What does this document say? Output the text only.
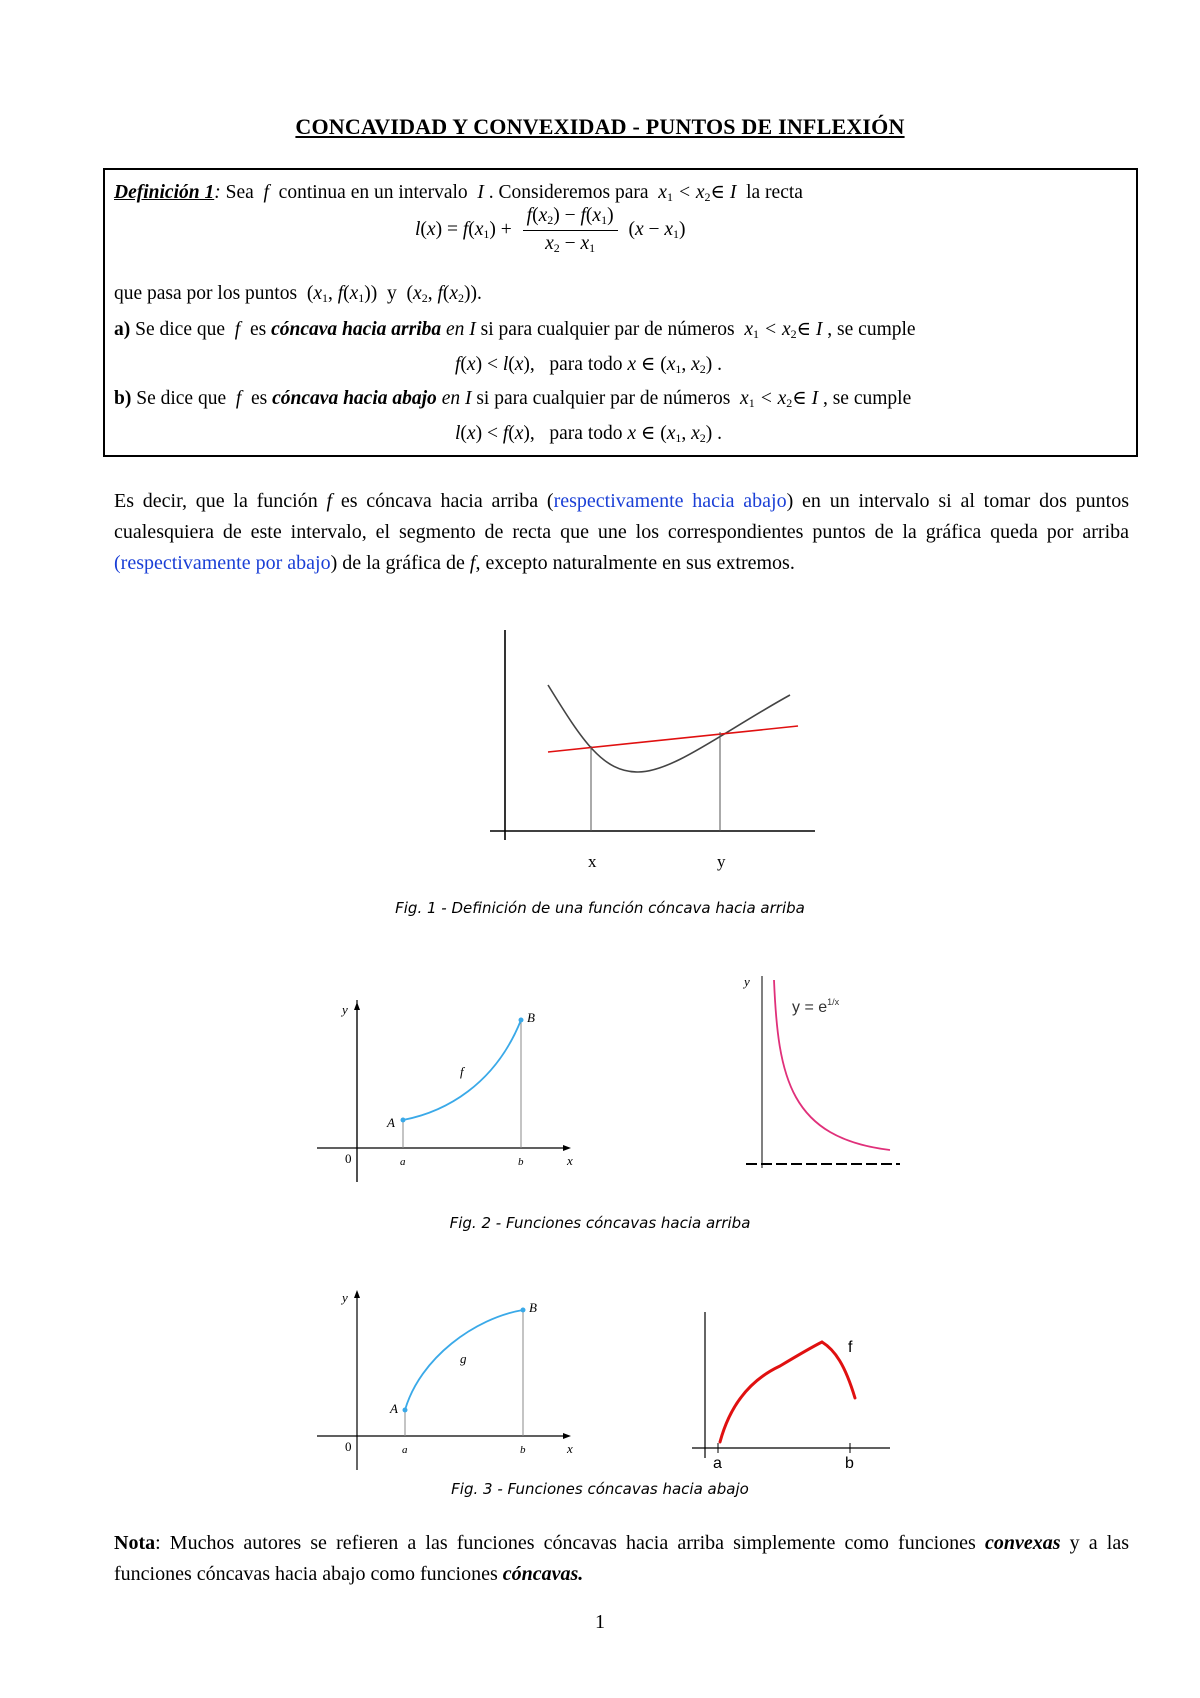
CONCAVIDAD Y CONVEXIDAD - PUNTOS DE INFLEXIÓN
Definición 1: Sea  f  continua en un intervalo  I . Consideremos para  $x_1$ < $x_2\in$ I  la recta
$l(x) = f(x_1) + \frac{f(x_2) - f(x_1)}{x_2 - x_1} (x - x_1)$
que pasa por los puntos  ($x_1$, $f(x_1)$)  y  ($x_2$, $f(x_2)$).
a) Se dice que  f  es cóncava hacia arriba en I si para cualquier par de números  $x_1$ < $x_2\in$ I , se cumple
f(x) < l(x),   para todo x ∈ ($x_1$, $x_2$) .
b) Se dice que  f  es cóncava hacia abajo en I si para cualquier par de números  $x_1$ < $x_2\in$ I , se cumple
l(x) < f(x),   para todo x ∈ ($x_1$, $x_2$) .
Es decir, que la función f es cóncava hacia arriba (respectivamente hacia abajo) en un intervalo si al tomar dos puntos cualesquiera de este intervalo, el segmento de recta que une los correspondientes puntos de la gráfica queda por arriba (respectivamente por abajo) de la gráfica de f, excepto naturalmente en sus extremos.
x	y
Fig. 1 - Definición de una función cóncava hacia arriba
y
x
0	a	b
A
B
f
y
$y = e^{1/x}$
Fig. 2 - Funciones cóncavas hacia arriba
y
x
0	a	b
A
B
g
f
a	b
Fig. 3 - Funciones cóncavas hacia abajo
Nota: Muchos autores se refieren a las funciones cóncavas hacia arriba simplemente como funciones convexas y a las funciones cóncavas hacia abajo como funciones cóncavas.
1
